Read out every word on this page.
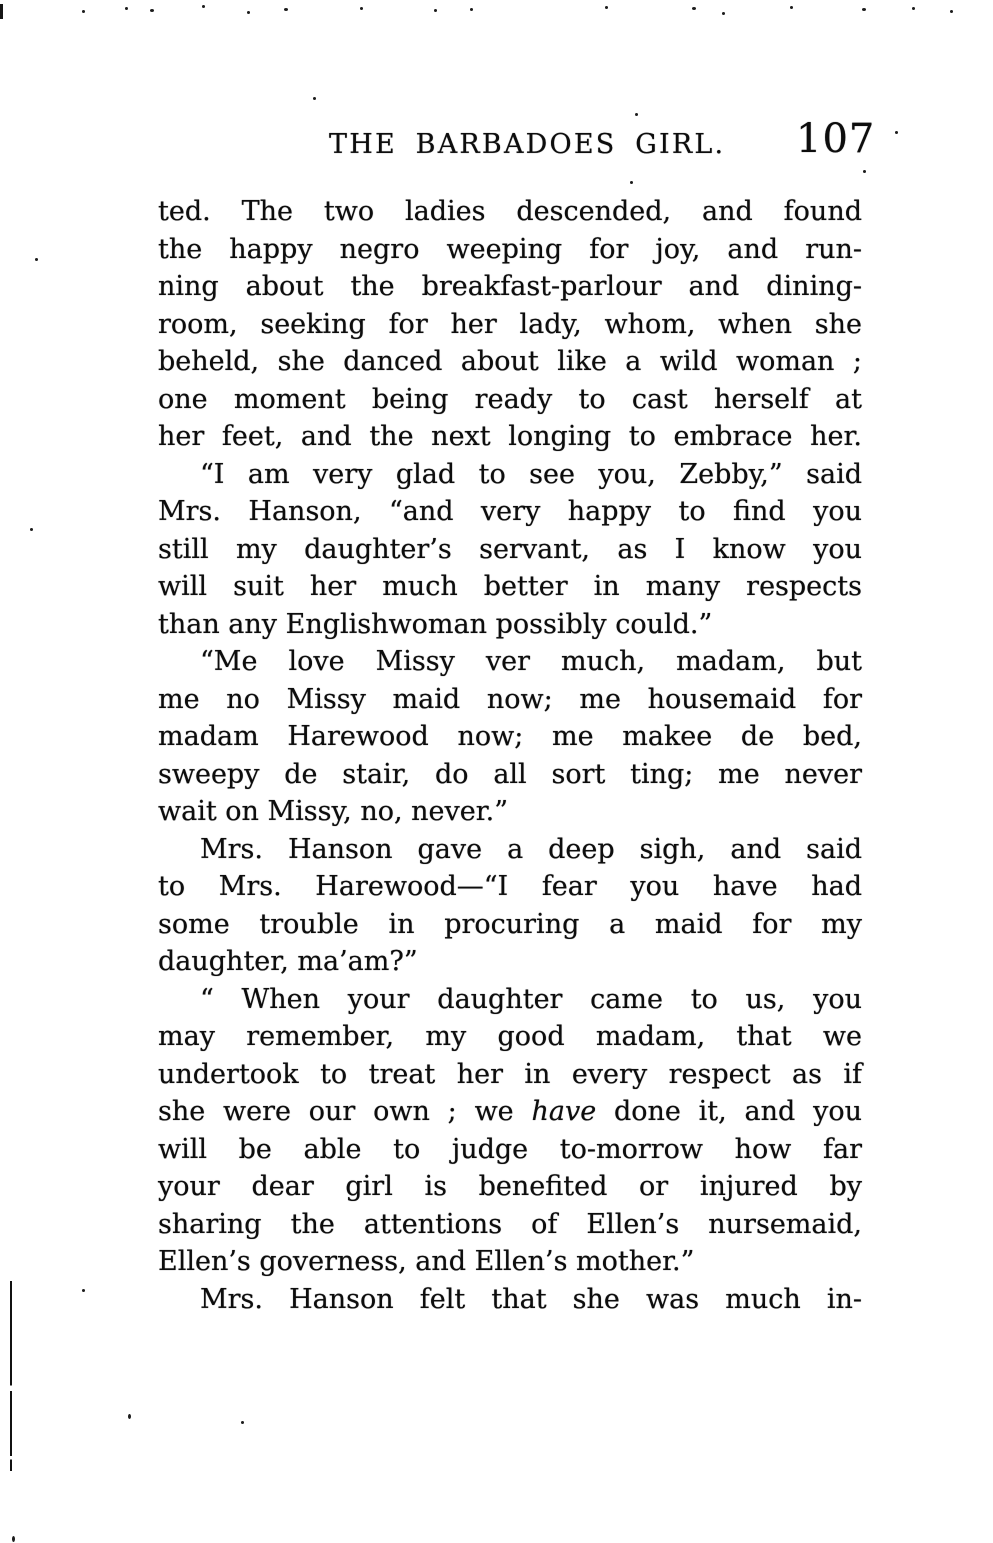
THE BARBADOES GIRL. 107
ted. The two ladies descended, and found
the happy negro weeping for joy, and run-
ning about the breakfast-parlour and dining-
room, seeking for her lady, whom, when she
beheld, she danced about like a wild woman ;
one moment being ready to cast herself at
her feet, and the next longing to embrace her.
“I am very glad to see you, Zebby,” said
Mrs. Hanson, “and very happy to find you
still my daughter’s servant, as I know you
will suit her much better in many respects
than any Englishwoman possibly could.”
“Me love Missy ver much, madam, but
me no Missy maid now; me housemaid for
madam Harewood now; me makee de bed,
sweepy de stair, do all sort ting; me never
wait on Missy, no, never.”
Mrs. Hanson gave a deep sigh, and said
to Mrs. Harewood—“I fear you have had
some trouble in procuring a maid for my
daughter, ma’am?”
“ When your daughter came to us, you
may remember, my good madam, that we
undertook to treat her in every respect as if
she were our own ; we have done it, and you
will be able to judge to-morrow how far
your dear girl is benefited or injured by
sharing the attentions of Ellen’s nursemaid,
Ellen’s governess, and Ellen’s mother.”
Mrs. Hanson felt that she was much in-
